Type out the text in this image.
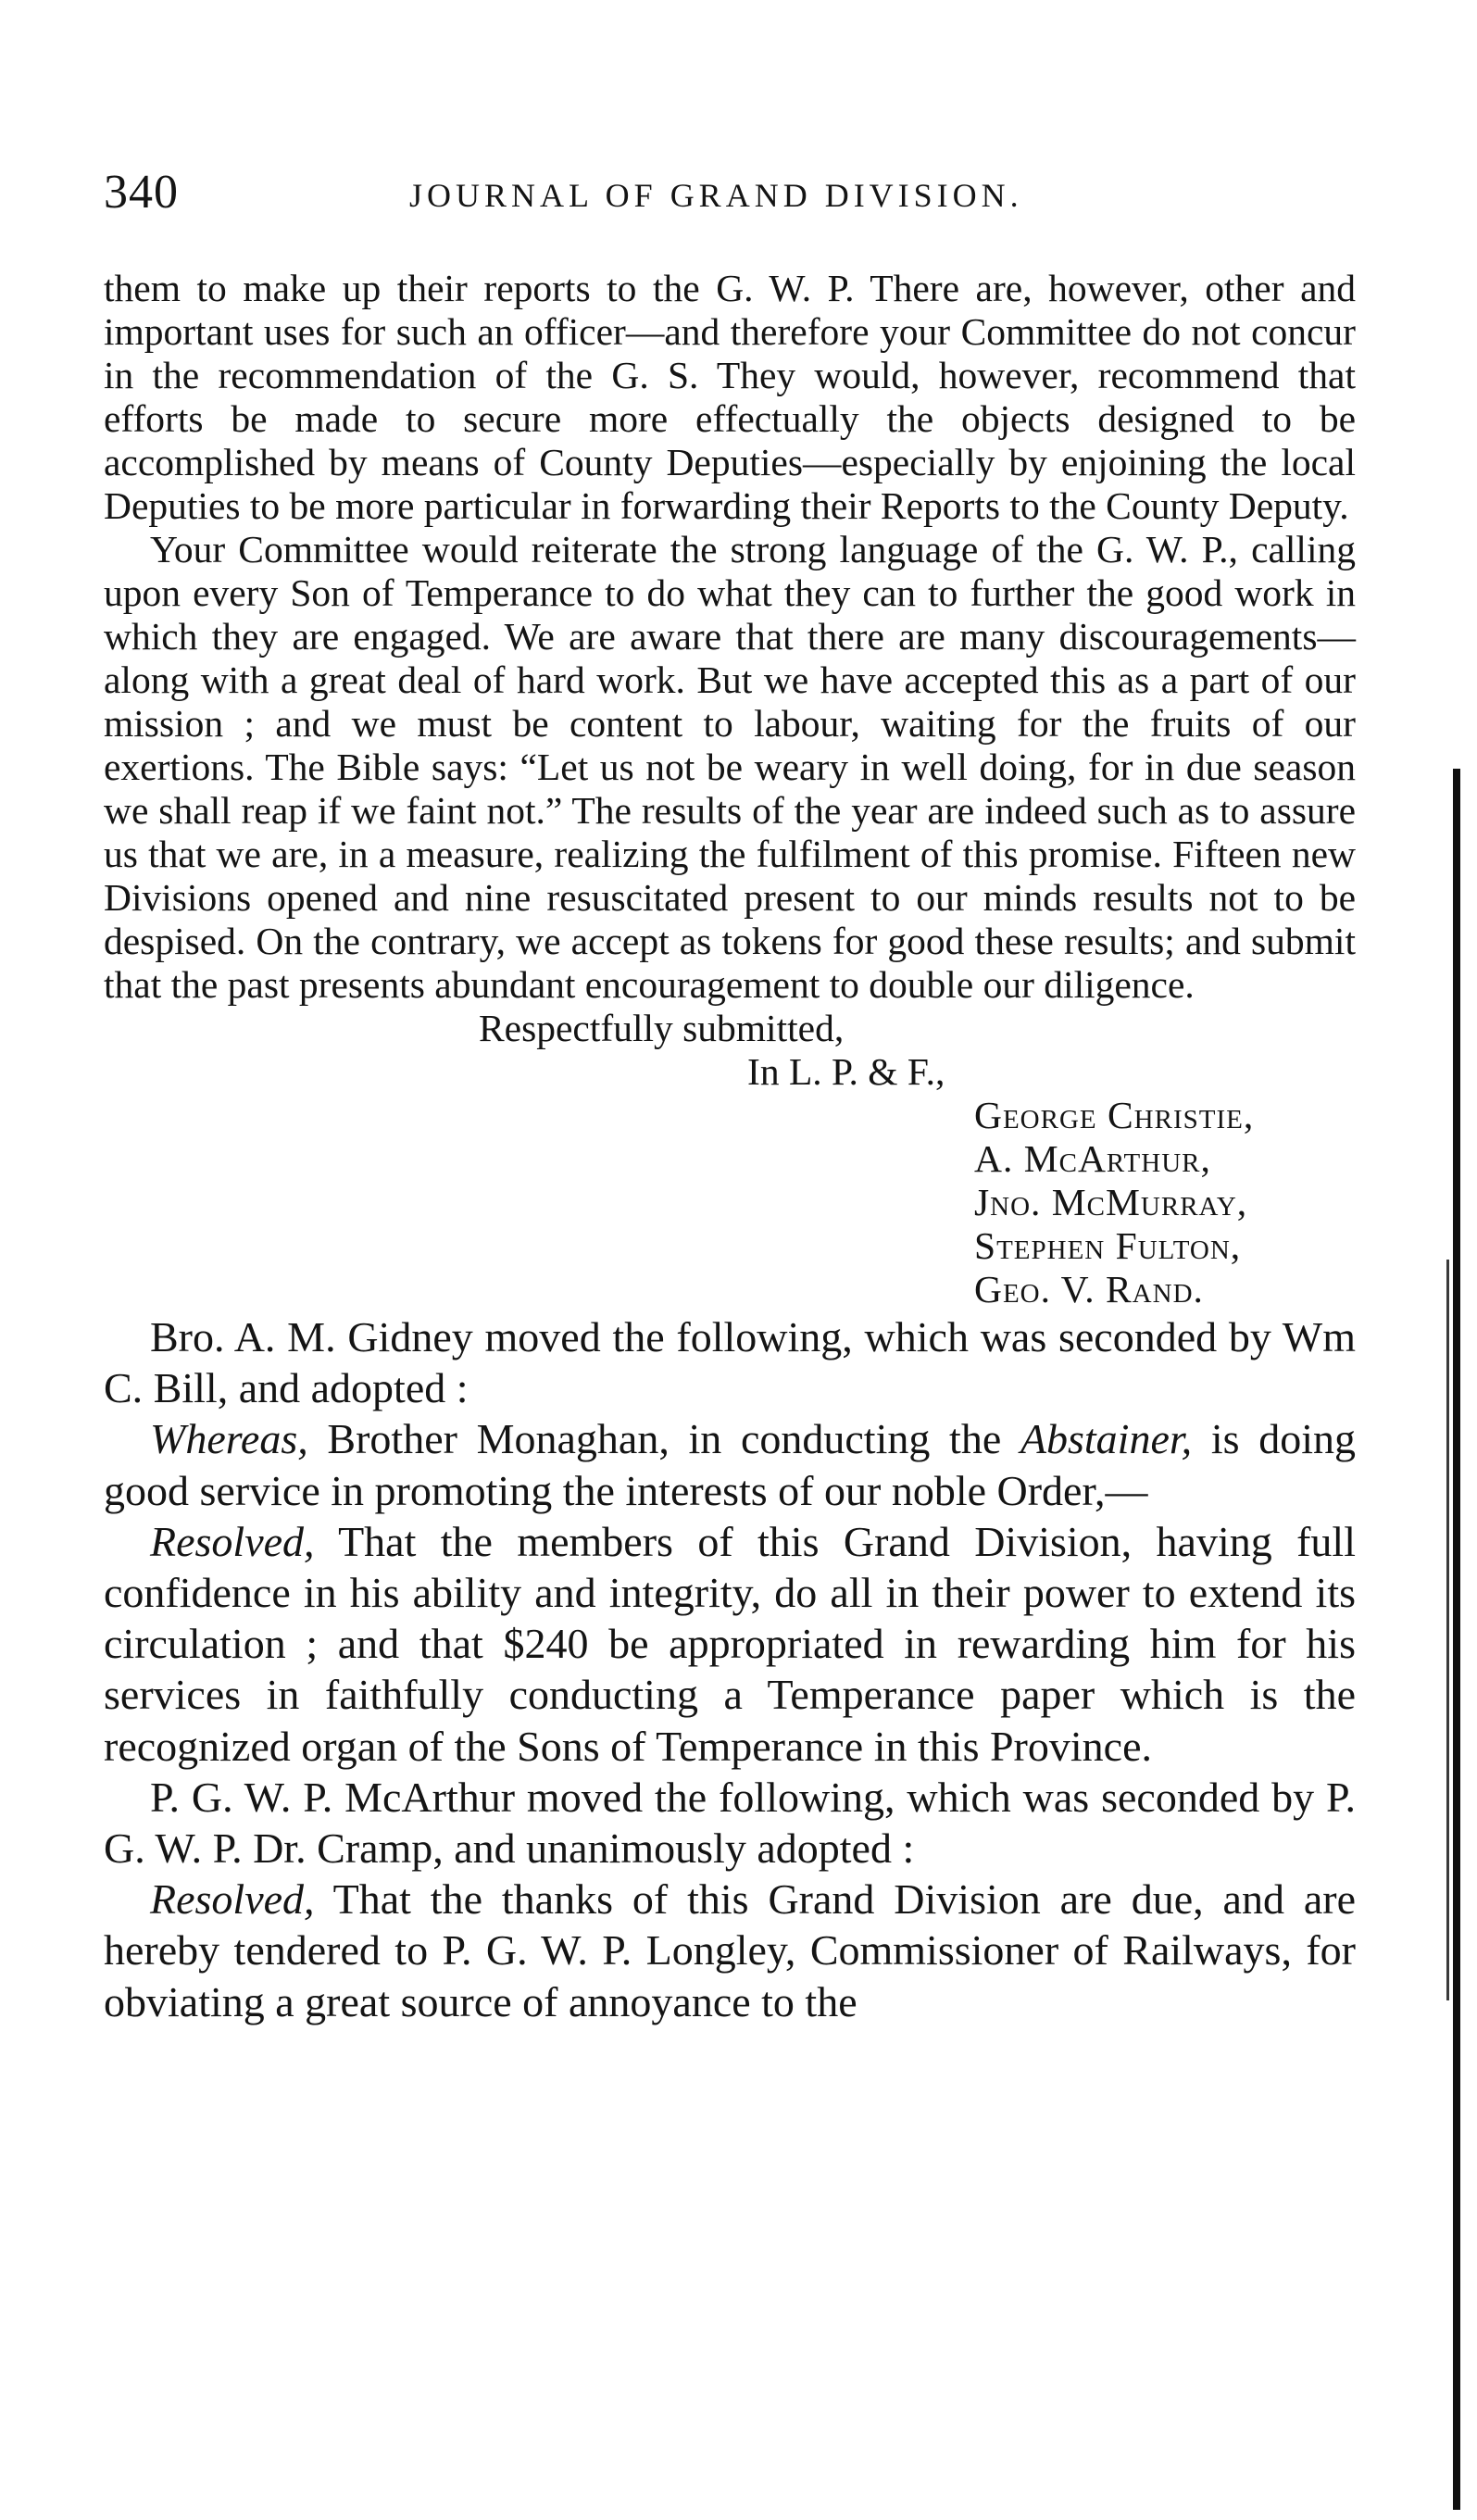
340	JOURNAL OF GRAND DIVISION.

them to make up their reports to the G. W. P. There are, however, other and important uses for such an officer—and therefore your Committee do not concur in the recommendation of the G. S. They would, however, recommend that efforts be made to secure more effectually the objects designed to be accomplished by means of County Deputies—especially by enjoining the local Deputies to be more particular in forwarding their Reports to the County Deputy.

Your Committee would reiterate the strong language of the G. W. P., calling upon every Son of Temperance to do what they can to further the good work in which they are engaged. We are aware that there are many discouragements—along with a great deal of hard work. But we have accepted this as a part of our mission ; and we must be content to labour, waiting for the fruits of our exertions. The Bible says: “Let us not be weary in well doing, for in due season we shall reap if we faint not.” The results of the year are indeed such as to assure us that we are, in a measure, realizing the fulfilment of this promise. Fifteen new Divisions opened and nine resuscitated present to our minds results not to be despised. On the contrary, we accept as tokens for good these results; and submit that the past presents abundant encouragement to double our diligence.

Respectfully submitted,
In L. P. & F.,
George Christie,
A. McArthur,
Jno. McMurray,
Stephen Fulton,
Geo. V. Rand.

Bro. A. M. Gidney moved the following, which was seconded by Wm C. Bill, and adopted :

Whereas, Brother Monaghan, in conducting the Abstainer, is doing good service in promoting the interests of our noble Order,—

Resolved, That the members of this Grand Division, having full confidence in his ability and integrity, do all in their power to extend its circulation ; and that $240 be appropriated in rewarding him for his services in faithfully conducting a Temperance paper which is the recognized organ of the Sons of Temperance in this Province.

P. G. W. P. McArthur moved the following, which was seconded by P. G. W. P. Dr. Cramp, and unanimously adopted :

Resolved, That the thanks of this Grand Division are due, and are hereby tendered to P. G. W. P. Longley, Commissioner of Railways, for obviating a great source of annoyance to the
